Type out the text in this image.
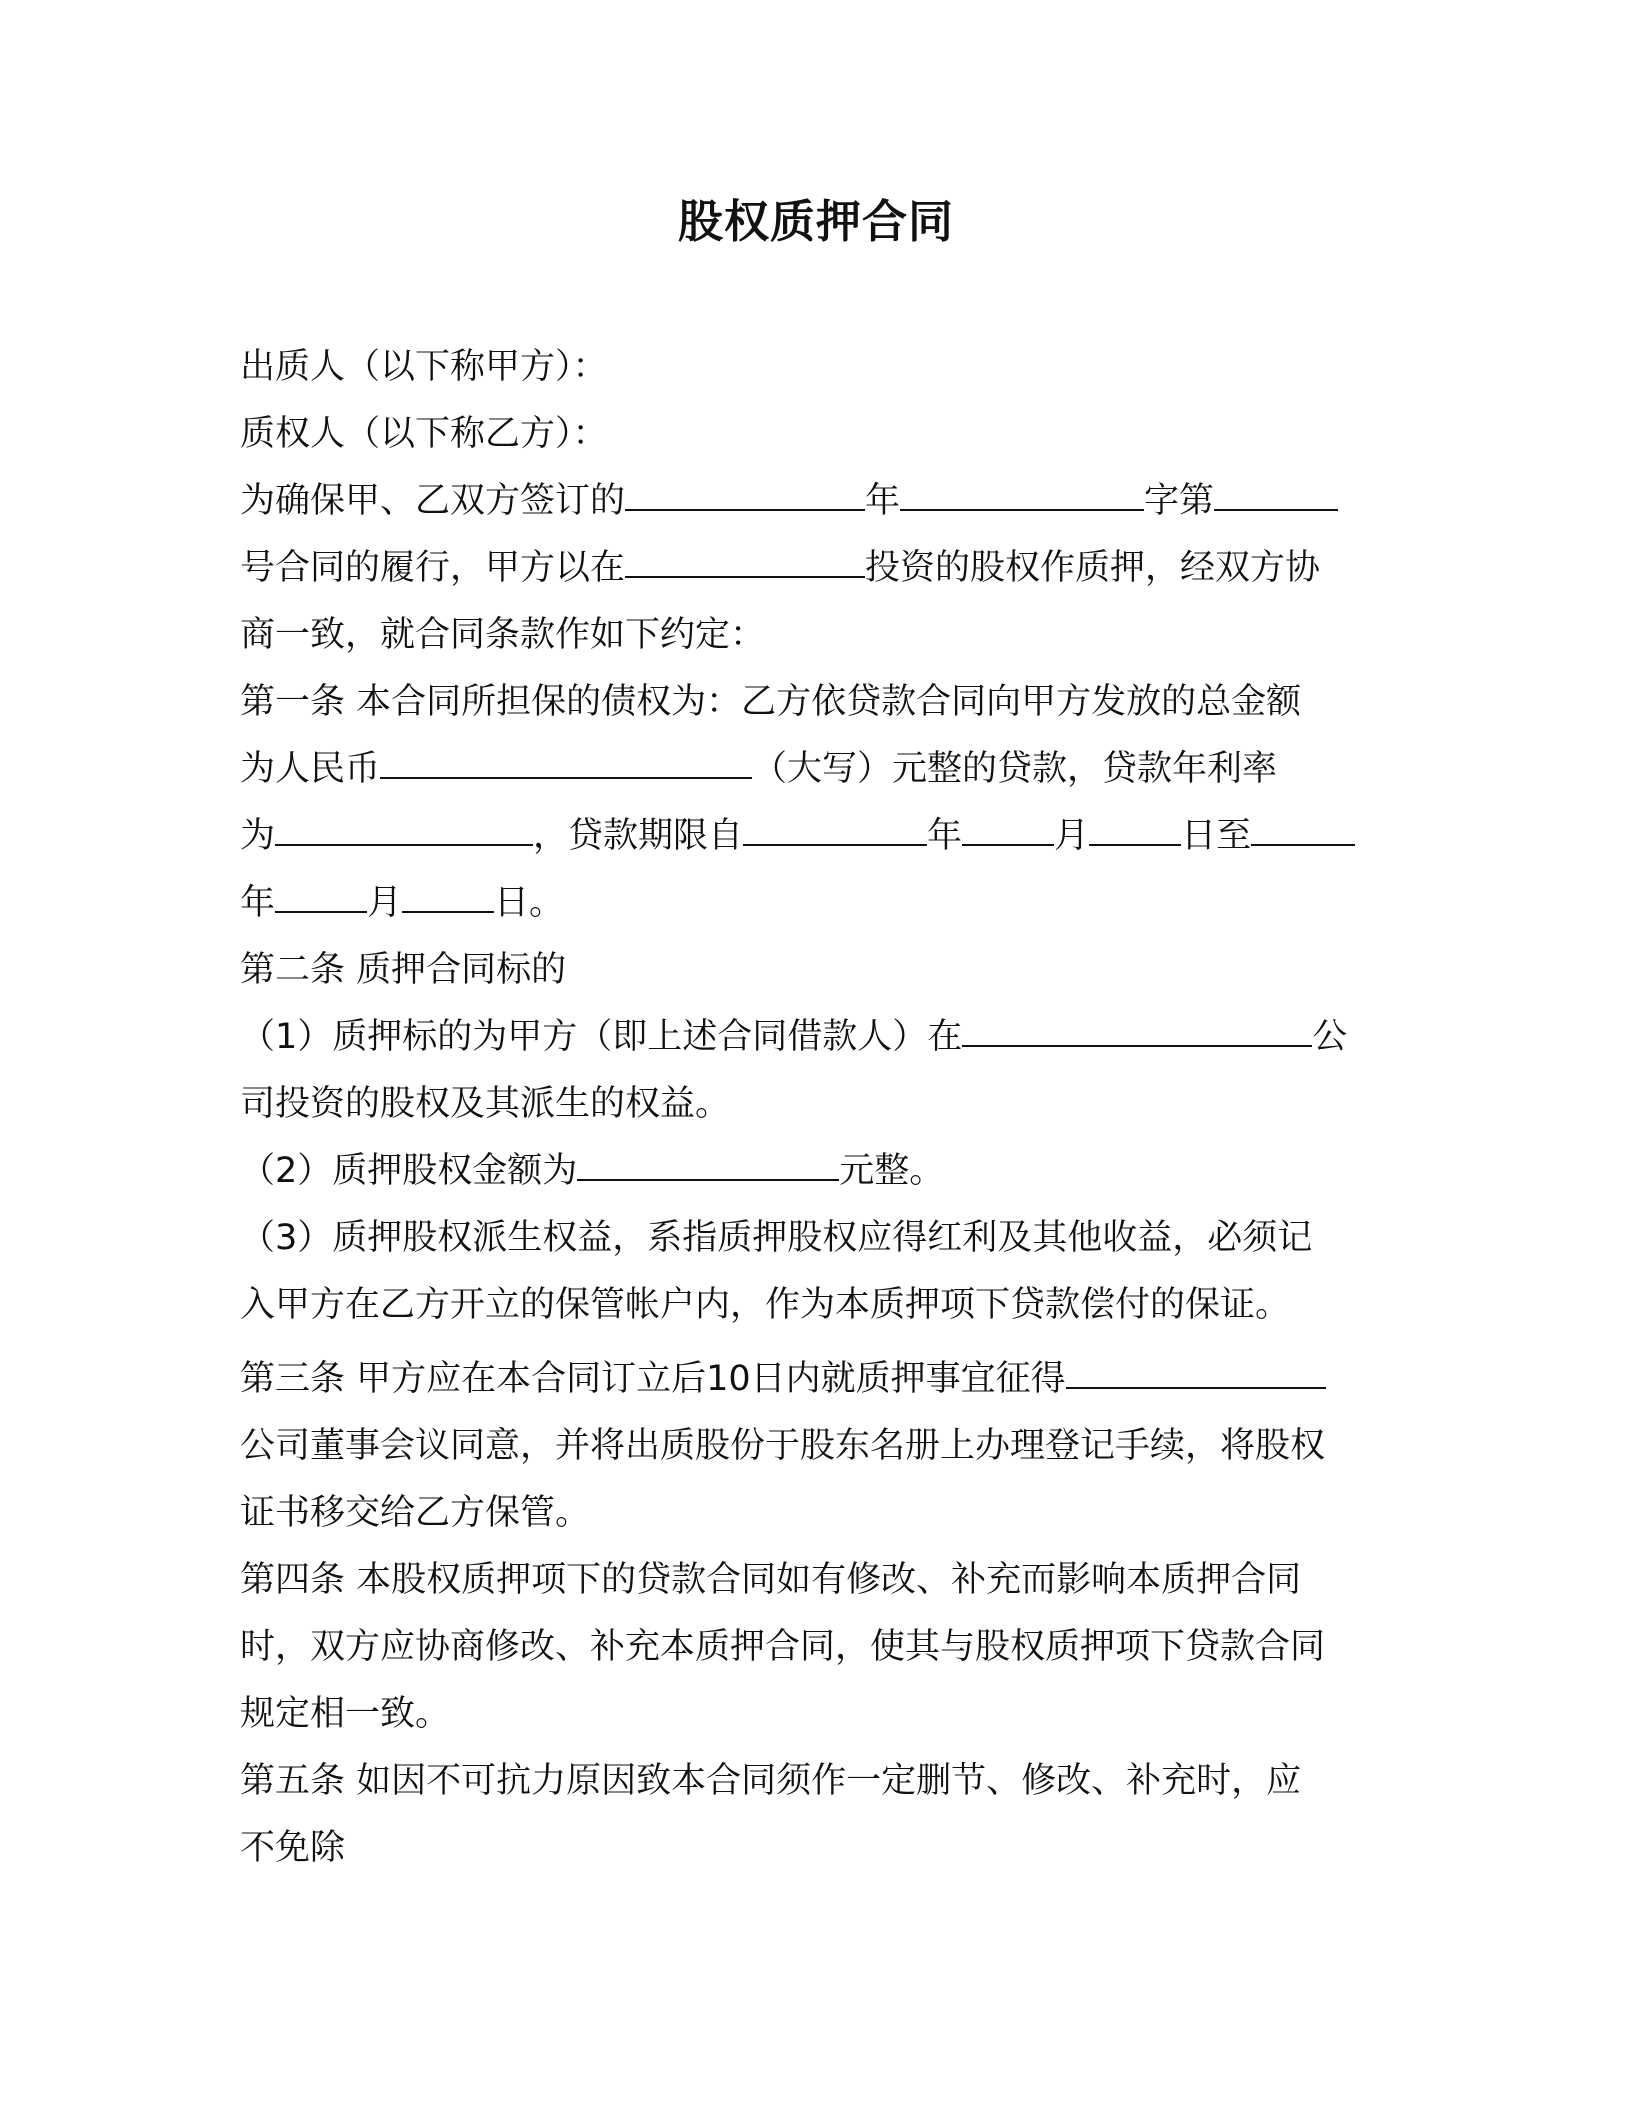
股权质押合同
出质人（以下称甲方）：
质权人（以下称乙方）：
为确保甲、乙双方签订的	年	字第
号合同的履行，甲方以在	投资的股权作质押，经双方协
商一致，就合同条款作如下约定：
第一条 本合同所担保的债权为：乙方依贷款合同向甲方发放的总金额
为人民币	（大写）元整的贷款，贷款年利率
为	，贷款期限自	年	月	日至
年	月	日。
第二条 质押合同标的
（1）质押标的为甲方（即上述合同借款人）在	公
司投资的股权及其派生的权益。
（2）质押股权金额为	元整。
（3）质押股权派生权益，系指质押股权应得红利及其他收益，必须记
入甲方在乙方开立的保管帐户内，作为本质押项下贷款偿付的保证。
第三条 甲方应在本合同订立后10日内就质押事宜征得
公司董事会议同意，并将出质股份于股东名册上办理登记手续，将股权
证书移交给乙方保管。
第四条 本股权质押项下的贷款合同如有修改、补充而影响本质押合同
时，双方应协商修改、补充本质押合同，使其与股权质押项下贷款合同
规定相一致。
第五条 如因不可抗力原因致本合同须作一定删节、修改、补充时，应
不免除
